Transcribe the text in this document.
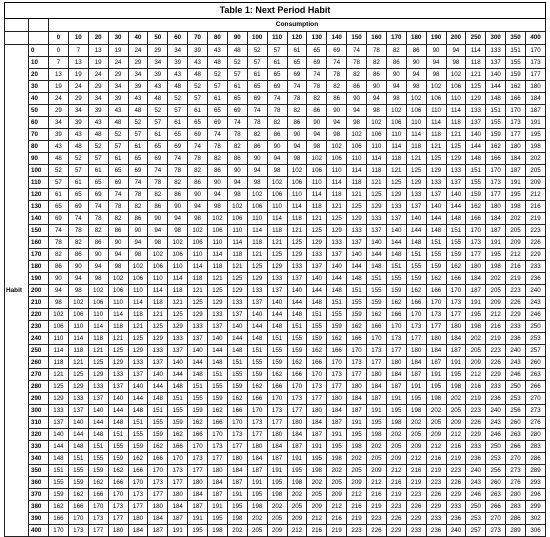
Table 1: Next Period Habit																										
		Consumption																								
		0	10	20	30	40	50	60	70	80	90	100	110	120	130	140	150	160	170	180	190	200	250	300	350	400
Habit	0	0	7	13	19	24	29	34	39	43	48	52	57	61	65	69	74	78	82	86	90	94	114	133	151	170
	10	7	13	19	24	29	34	39	43	48	52	57	61	65	69	74	78	82	86	90	94	98	118	137	155	173
	20	13	19	24	29	34	39	43	48	52	57	61	65	69	74	78	82	86	90	94	98	102	121	140	159	177
	30	19	24	29	34	39	43	48	52	57	61	65	69	74	78	82	86	90	94	98	102	106	125	144	162	180
	40	24	29	34	39	43	48	52	57	61	65	69	74	78	82	86	90	94	98	102	106	110	129	148	166	184
	50	29	34	39	43	48	52	57	61	65	69	74	78	82	86	90	94	98	102	106	110	114	133	151	170	187
	60	34	39	43	48	52	57	61	65	69	74	78	82	86	90	94	98	102	106	110	114	118	137	155	173	191
	70	39	43	48	52	57	61	65	69	74	78	82	86	90	94	98	102	106	110	114	118	121	140	159	177	195
	80	43	48	52	57	61	65	69	74	78	82	86	90	94	98	102	106	110	114	118	121	125	144	162	180	198
	90	48	52	57	61	65	69	74	78	82	86	90	94	98	102	106	110	114	118	121	125	129	148	166	184	202
	100	52	57	61	65	69	74	78	82	86	90	94	98	102	106	110	114	118	121	125	129	133	151	170	187	205
	110	57	61	65	69	74	78	82	86	90	94	98	102	106	110	114	118	121	125	129	133	137	155	173	191	209
	120	61	65	69	74	78	82	86	90	94	98	102	106	110	114	118	121	125	129	133	137	140	159	177	195	212
	130	65	69	74	78	82	86	90	94	98	102	106	110	114	118	121	125	129	133	137	140	144	162	180	198	216
	140	69	74	78	82	86	90	94	98	102	106	110	114	118	121	125	129	133	137	140	144	148	166	184	202	219
	150	74	78	82	86	90	94	98	102	106	110	114	118	121	125	129	133	137	140	144	148	151	170	187	205	223
	160	78	82	86	90	94	98	102	106	110	114	118	121	125	129	133	137	140	144	148	151	155	173	191	209	226
	170	82	86	90	94	98	102	106	110	114	118	121	125	129	133	137	140	144	148	151	155	159	177	195	212	229
	180	86	90	94	98	102	106	110	114	118	121	125	129	133	137	140	144	148	151	155	159	162	180	198	216	233
	190	90	94	98	102	106	110	114	118	121	125	129	133	137	140	144	148	151	155	159	162	166	184	202	219	236
	200	94	98	102	106	110	114	118	121	125	129	133	137	140	144	148	151	155	159	162	166	170	187	205	223	240
	210	98	102	106	110	114	118	121	125	129	133	137	140	144	148	151	155	159	162	166	170	173	191	209	226	243
	220	102	106	110	114	118	121	125	129	133	137	140	144	148	151	155	159	162	166	170	173	177	195	212	229	246
	230	106	110	114	118	121	125	129	133	137	140	144	148	151	155	159	162	166	170	173	177	180	198	216	233	250
	240	110	114	118	121	125	129	133	137	140	144	148	151	155	159	162	166	170	173	177	180	184	202	219	236	253
	250	114	118	121	125	129	133	137	140	144	148	151	155	159	162	166	170	173	177	180	184	187	205	223	240	257
	260	118	121	125	129	133	137	140	144	148	151	155	159	162	166	170	173	177	180	184	187	191	209	226	243	260
	270	121	125	129	133	137	140	144	148	151	155	159	162	166	170	173	177	180	184	187	191	195	212	229	246	263
	280	125	129	133	137	140	144	148	151	155	159	162	166	170	173	177	180	184	187	191	195	198	216	233	250	266
	290	129	133	137	140	144	148	151	155	159	162	166	170	173	177	180	184	187	191	195	198	202	219	236	253	270
	300	133	137	140	144	148	151	155	159	162	166	170	173	177	180	184	187	191	195	198	202	205	223	240	256	273
	310	137	140	144	148	151	155	159	162	166	170	173	177	180	184	187	191	195	198	202	205	209	226	243	260	276
	320	140	144	148	151	155	159	162	166	170	173	177	180	184	187	191	195	198	202	205	209	212	229	246	263	280
	330	144	148	151	155	159	162	166	170	173	177	180	184	187	191	195	198	202	205	209	212	216	233	250	266	283
	340	148	151	155	159	162	166	170	173	177	180	184	187	191	195	198	202	205	209	212	216	219	236	253	270	286
	350	151	155	159	162	166	170	173	177	180	184	187	191	195	198	202	205	209	212	216	219	223	240	256	273	289
	360	155	159	162	166	170	173	177	180	184	187	191	195	198	202	205	209	212	216	219	223	226	243	260	276	293
	370	159	162	166	170	173	177	180	184	187	191	195	198	202	205	209	212	216	219	223	226	229	246	263	280	296
	380	162	166	170	173	177	180	184	187	191	195	198	202	205	209	212	216	219	223	226	229	233	250	266	283	299
	390	166	170	173	177	180	184	187	191	195	198	202	205	209	212	216	219	223	226	229	233	236	253	270	286	302
	400	170	173	177	180	184	187	191	195	198	202	205	209	212	216	219	223	226	229	233	236	240	257	273	289	306
